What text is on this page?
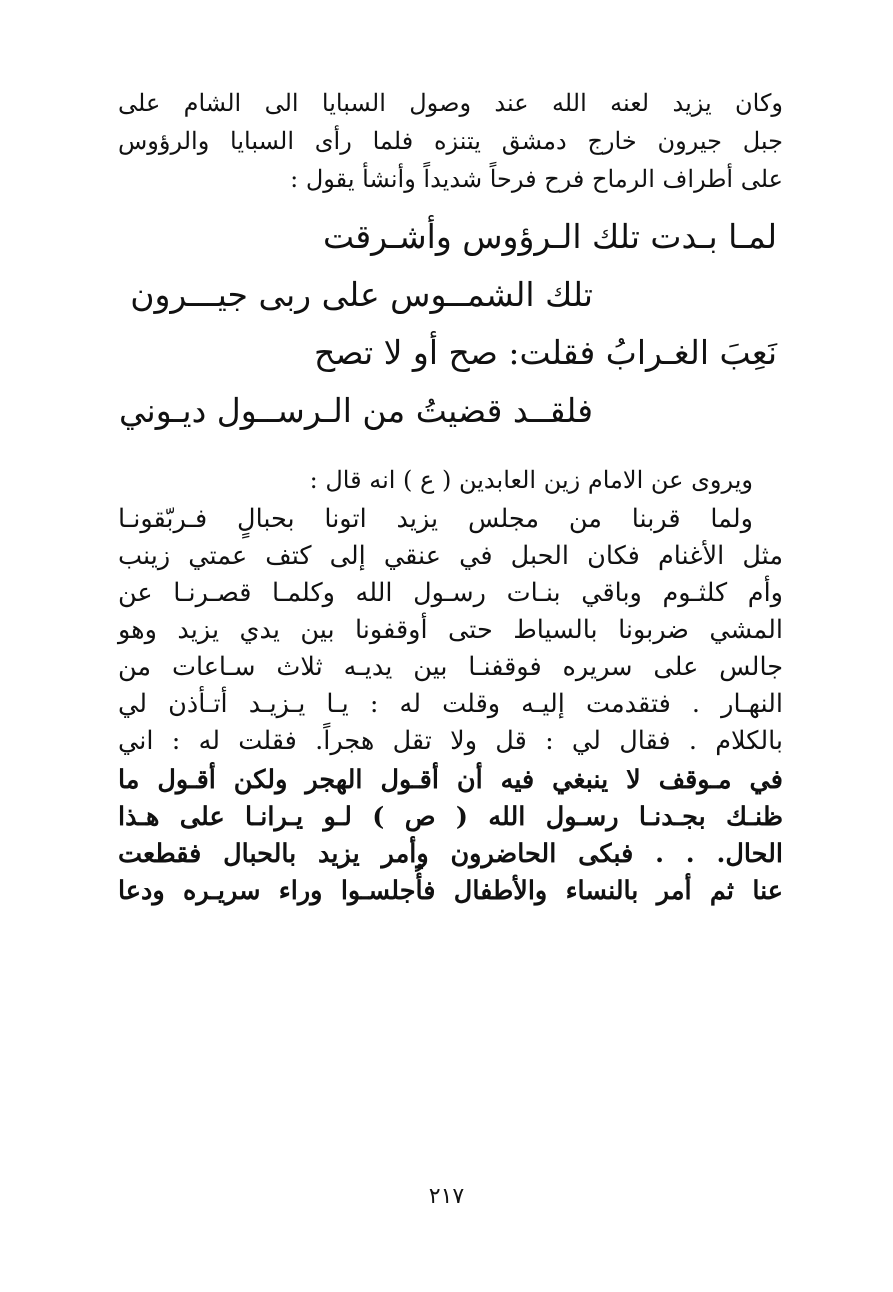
وكان يزيد لعنه الله عند وصول السبايا الى الشام على
جبل جيرون خارج دمشق يتنزه فلما رأى السبايا والرؤوس
على أطراف الرماح فرح فرحاً شديداً وأنشأ يقول :
لمـا بـدت تلك الـرؤوس وأشـرقت
تلك الشمــوس على ربى جيـــرون
نَعِبَ الغـرابُ فقلت: صح أو لا تصح
فلقــد قضيتُ من الـرســول ديـوني
ويروى عن الامام زين العابدين ( ع ) انه قال :
ولما قربنا من مجلس يزيد اتونا بحبالٍ فـربّقونـا
مثل الأغنام فكان الحبل في عنقي إلى كتف عمتي زينب
وأم كلثـوم وباقي بنـات رسـول الله وكلمـا قصـرنـا عن
المشي ضربونا بالسياط حتى أوقفونا بين يدي يزيد وهو
جالس على سريره فوقفنـا بين يديـه ثلاث سـاعات من
النهـار . فتقدمت إليـه وقلت له : يـا يـزيـد أتـأذن لي
بالكلام . فقال لي : قل ولا تقل هجراً. فقلت له : اني
في مـوقف لا ينبغي فيه أن أقـول الهجر ولكن أقـول ما
ظنـك بجـدنـا رسـول الله ( ص ) لـو يـرانـا على هـذا
الحال. . . فبكى الحاضرون وأمر يزيد بالحبال فقطعت
عنا ثم أمر بالنساء والأطفال فأُجلسـوا وراء سريـره ودعا
٢١٧
